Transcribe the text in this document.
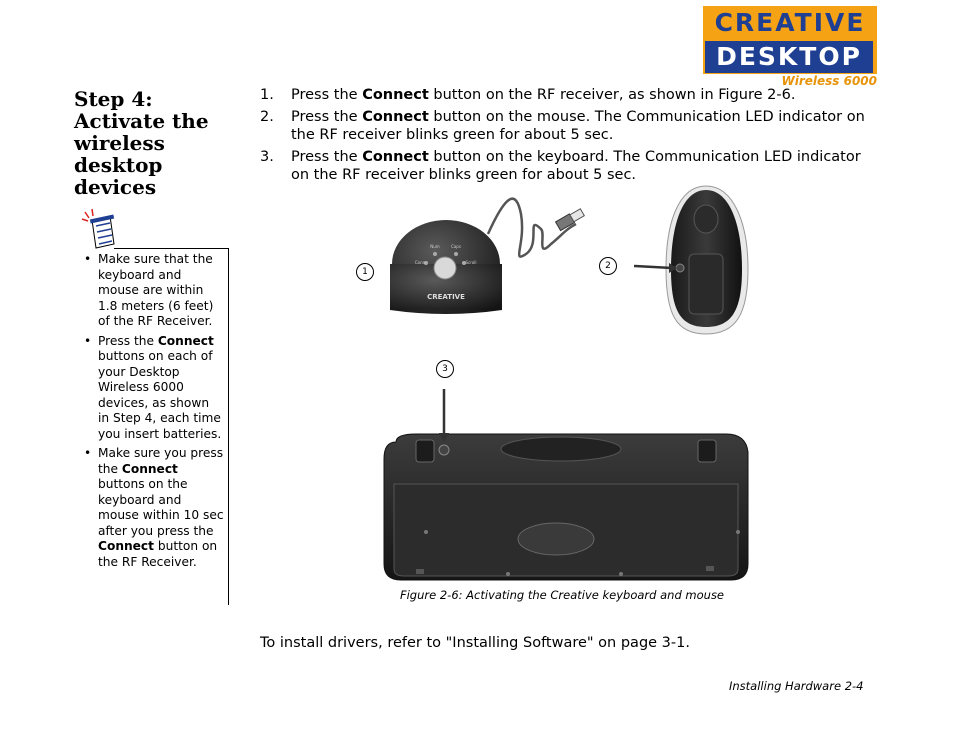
CREATIVE
DESKTOP
Wireless 6000
Step 4: Activate the wireless desktop devices
• Make sure that the keyboard and mouse are within 1.8 meters (6 feet) of the RF Receiver.
• Press the Connect buttons on each of your Desktop Wireless 6000 devices, as shown in Step 4, each time you insert batteries.
• Make sure you press the Connect buttons on the keyboard and mouse within 10 sec after you press the Connect button on the RF Receiver.
1. Press the Connect button on the RF receiver, as shown in Figure 2-6.
2. Press the Connect button on the mouse. The Communication LED indicator on the RF receiver blinks green for about 5 sec.
3. Press the Connect button on the keyboard. The Communication LED indicator on the RF receiver blinks green for about 5 sec.
Num	Caps
Conn	Scroll
CREATIVE
1
2
3
Figure 2-6: Activating the Creative keyboard and mouse
To install drivers, refer to "Installing Software" on page 3-1.
Installing Hardware 2-4
